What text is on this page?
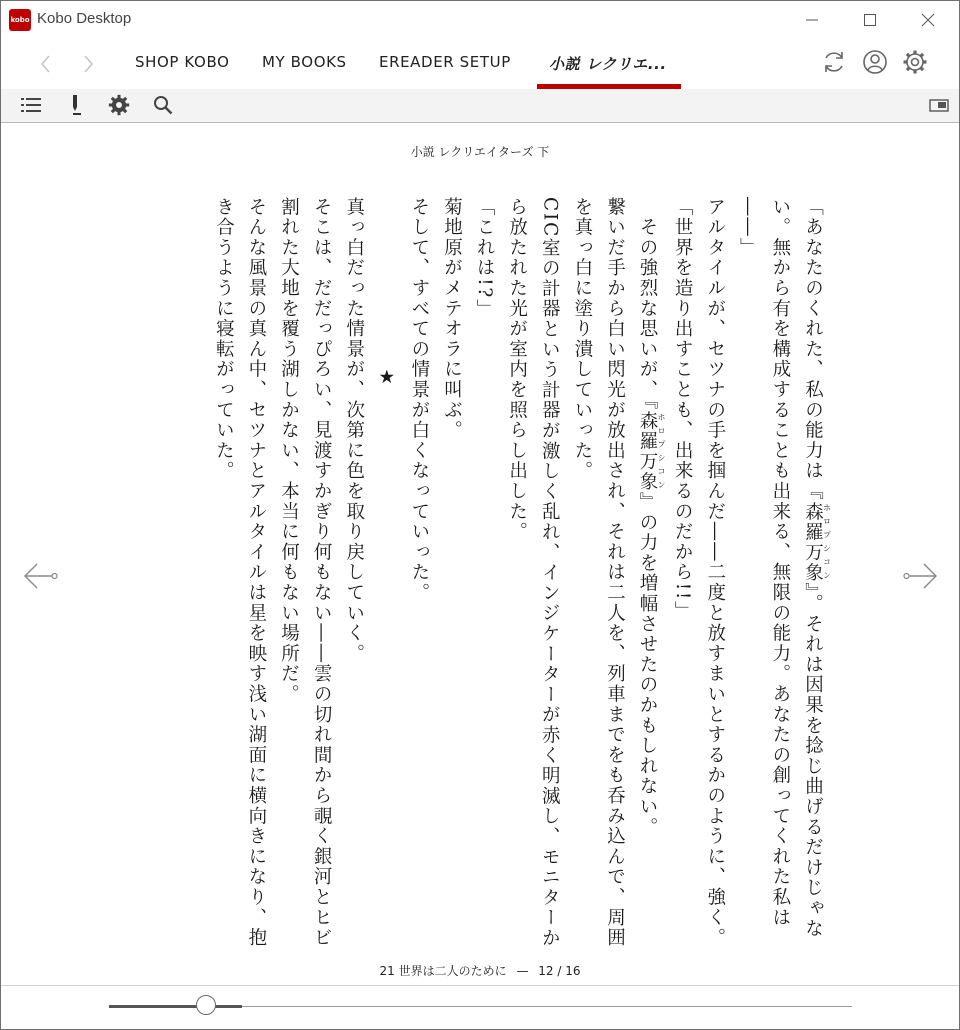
kobo Kobo Desktop
SHOP KOBO MY BOOKS EREADER SETUP	小説 レクリエ...
小説 レクリエイターズ 下

「あなたのくれた、私の能力は『森羅万象 ホロプシコン』。それは因果を捻じ曲げるだけじゃない。無から有を構成することも出来る、無限の能力。あなたの創ってくれた私は――」

アルタイルが、セツナの手を掴んだ――二度と放すまいとするかのように、強く。

「世界を造り出すことも、出来るのだから!!」

　その強烈な思いが、『森羅万象 ホロプシコン』の力を増幅させたのかもしれない。

繋いだ手から白い閃光が放出され、それは二人を、列車までをも呑み込んで、周囲を真っ白に塗り潰していった。

CIC室の計器という計器が激しく乱れ、インジケーターが赤く明滅し、モニターから放たれた光が室内を照らし出した。

「これは!?」

菊地原がメテオラに叫ぶ。

そして、すべての情景が白くなっていった。

★

真っ白だった情景が、次第に色を取り戻していく。

そこは、だだっぴろい、見渡すかぎり何もない――雲の切れ間から覗く銀河とヒビ割れた大地を覆う湖しかない、本当に何もない場所だ。

そんな風景の真ん中、セツナとアルタイルは星を映す浅い湖面に横向きになり、抱き合うように寝転がっていた。

21 世界は二人のために — 12 / 16
